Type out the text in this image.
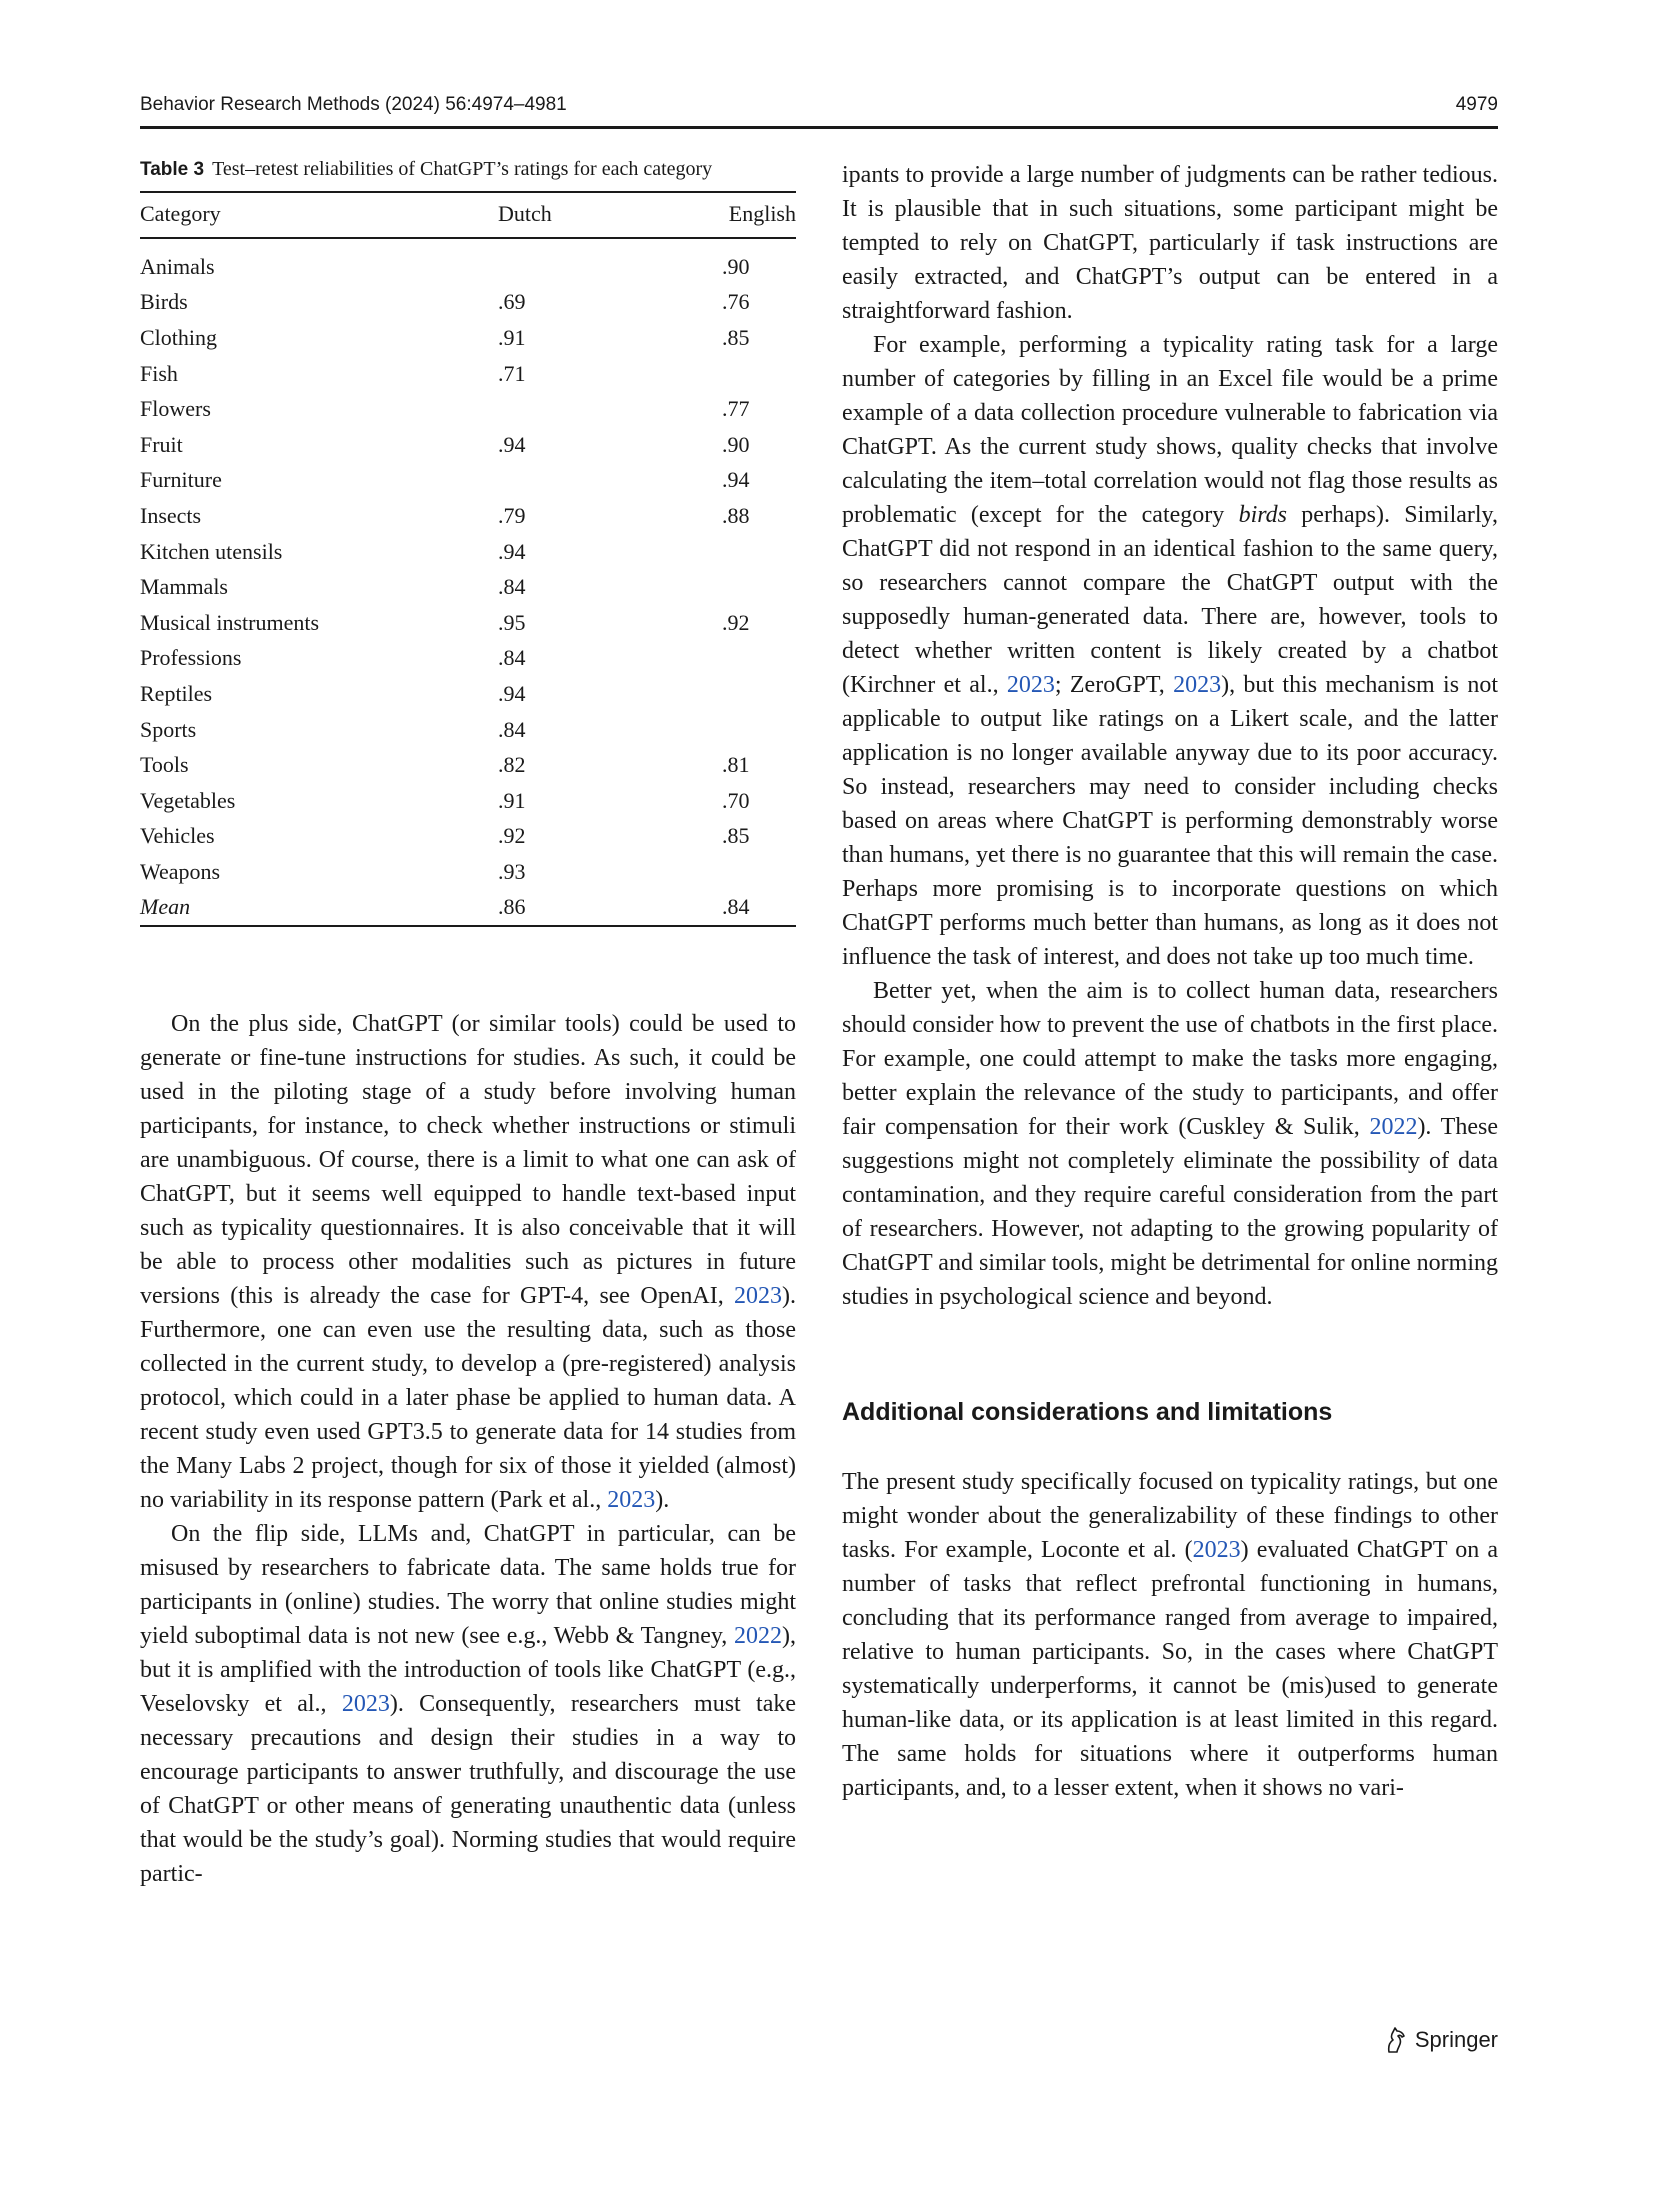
Behavior Research Methods (2024) 56:4974–4981	4979
Table 3 Test–retest reliabilities of ChatGPT’s ratings for each category
Category	Dutch	English
Animals		.90
Birds	.69	.76
Clothing	.91	.85
Fish	.71	
Flowers		.77
Fruit	.94	.90
Furniture		.94
Insects	.79	.88
Kitchen utensils	.94	
Mammals	.84	
Musical instruments	.95	.92
Professions	.84	
Reptiles	.94	
Sports	.84	
Tools	.82	.81
Vegetables	.91	.70
Vehicles	.92	.85
Weapons	.93	
Mean	.86	.84

On the plus side, ChatGPT (or similar tools) could be used to generate or fine-tune instructions for studies. As such, it could be used in the piloting stage of a study before involving human participants, for instance, to check whether instructions or stimuli are unambiguous. Of course, there is a limit to what one can ask of ChatGPT, but it seems well equipped to handle text-based input such as typicality questionnaires. It is also conceivable that it will be able to process other modalities such as pictures in future versions (this is already the case for GPT-4, see OpenAI, 2023). Furthermore, one can even use the resulting data, such as those collected in the current study, to develop a (pre-registered) analysis protocol, which could in a later phase be applied to human data. A recent study even used GPT3.5 to generate data for 14 studies from the Many Labs 2 project, though for six of those it yielded (almost) no variability in its response pattern (Park et al., 2023).

On the flip side, LLMs and, ChatGPT in particular, can be misused by researchers to fabricate data. The same holds true for participants in (online) studies. The worry that online studies might yield suboptimal data is not new (see e.g., Webb & Tangney, 2022), but it is amplified with the introduction of tools like ChatGPT (e.g., Veselovsky et al., 2023). Consequently, researchers must take necessary precautions and design their studies in a way to encourage participants to answer truthfully, and discourage the use of ChatGPT or other means of generating unauthentic data (unless that would be the study’s goal). Norming studies that would require partic-

ipants to provide a large number of judgments can be rather tedious. It is plausible that in such situations, some participant might be tempted to rely on ChatGPT, particularly if task instructions are easily extracted, and ChatGPT’s output can be entered in a straightforward fashion.

For example, performing a typicality rating task for a large number of categories by filling in an Excel file would be a prime example of a data collection procedure vulnerable to fabrication via ChatGPT. As the current study shows, quality checks that involve calculating the item–total correlation would not flag those results as problematic (except for the category birds perhaps). Similarly, ChatGPT did not respond in an identical fashion to the same query, so researchers cannot compare the ChatGPT output with the supposedly human-generated data. There are, however, tools to detect whether written content is likely created by a chatbot (Kirchner et al., 2023; ZeroGPT, 2023), but this mechanism is not applicable to output like ratings on a Likert scale, and the latter application is no longer available anyway due to its poor accuracy. So instead, researchers may need to consider including checks based on areas where ChatGPT is performing demonstrably worse than humans, yet there is no guarantee that this will remain the case. Perhaps more promising is to incorporate questions on which ChatGPT performs much better than humans, as long as it does not influence the task of interest, and does not take up too much time.

Better yet, when the aim is to collect human data, researchers should consider how to prevent the use of chatbots in the first place. For example, one could attempt to make the tasks more engaging, better explain the relevance of the study to participants, and offer fair compensation for their work (Cuskley & Sulik, 2022). These suggestions might not completely eliminate the possibility of data contamination, and they require careful consideration from the part of researchers. However, not adapting to the growing popularity of ChatGPT and similar tools, might be detrimental for online norming studies in psychological science and beyond.

Additional considerations and limitations

The present study specifically focused on typicality ratings, but one might wonder about the generalizability of these findings to other tasks. For example, Loconte et al. (2023) evaluated ChatGPT on a number of tasks that reflect prefrontal functioning in humans, concluding that its performance ranged from average to impaired, relative to human participants. So, in the cases where ChatGPT systematically underperforms, it cannot be (mis)used to generate human-like data, or its application is at least limited in this regard. The same holds for situations where it outperforms human participants, and, to a lesser extent, when it shows no vari-

Springer
